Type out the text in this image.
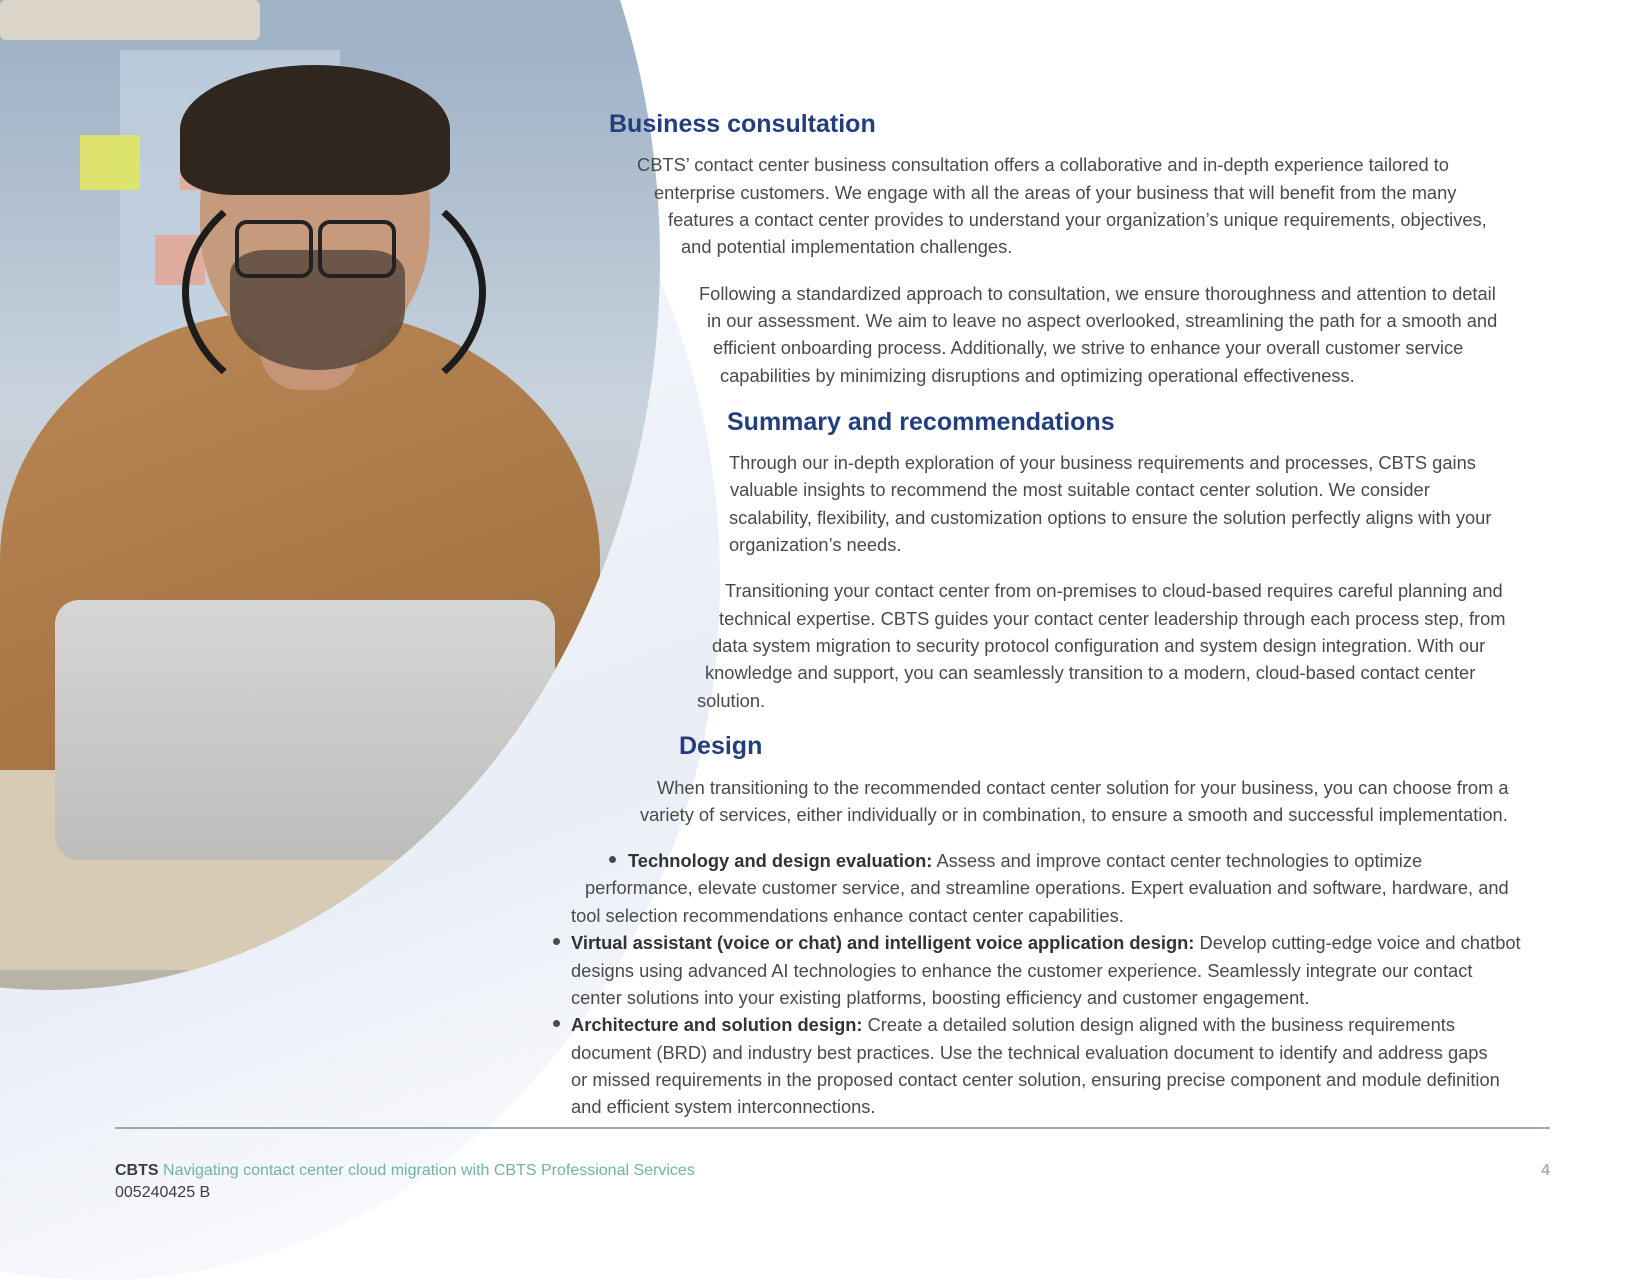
Business consultation
CBTS’ contact center business consultation offers a collaborative and in-depth experience tailored to
enterprise customers. We engage with all the areas of your business that will benefit from the many
features a contact center provides to understand your organization’s unique requirements, objectives,
and potential implementation challenges.
Following a standardized approach to consultation, we ensure thoroughness and attention to detail
in our assessment. We aim to leave no aspect overlooked, streamlining the path for a smooth and
efficient onboarding process. Additionally, we strive to enhance your overall customer service
capabilities by minimizing disruptions and optimizing operational effectiveness.
Summary and recommendations
Through our in-depth exploration of your business requirements and processes, CBTS gains
valuable insights to recommend the most suitable contact center solution. We consider
scalability, flexibility, and customization options to ensure the solution perfectly aligns with your
organization’s needs.
Transitioning your contact center from on-premises to cloud-based requires careful planning and
technical expertise. CBTS guides your contact center leadership through each process step, from
data system migration to security protocol configuration and system design integration. With our
knowledge and support, you can seamlessly transition to a modern, cloud-based contact center
solution.
Design
When transitioning to the recommended contact center solution for your business, you can choose from a
variety of services, either individually or in combination, to ensure a smooth and successful implementation.
Technology and design evaluation: Assess and improve contact center technologies to optimize
performance, elevate customer service, and streamline operations. Expert evaluation and software, hardware, and
tool selection recommendations enhance contact center capabilities.
Virtual assistant (voice or chat) and intelligent voice application design: Develop cutting-edge voice and chatbot
designs using advanced AI technologies to enhance the customer experience. Seamlessly integrate our contact
center solutions into your existing platforms, boosting efficiency and customer engagement.
Architecture and solution design: Create a detailed solution design aligned with the business requirements
document (BRD) and industry best practices. Use the technical evaluation document to identify and address gaps
or missed requirements in the proposed contact center solution, ensuring precise component and module definition
and efficient system interconnections.
CBTS Navigating contact center cloud migration with CBTS Professional Services
005240425 B
4
